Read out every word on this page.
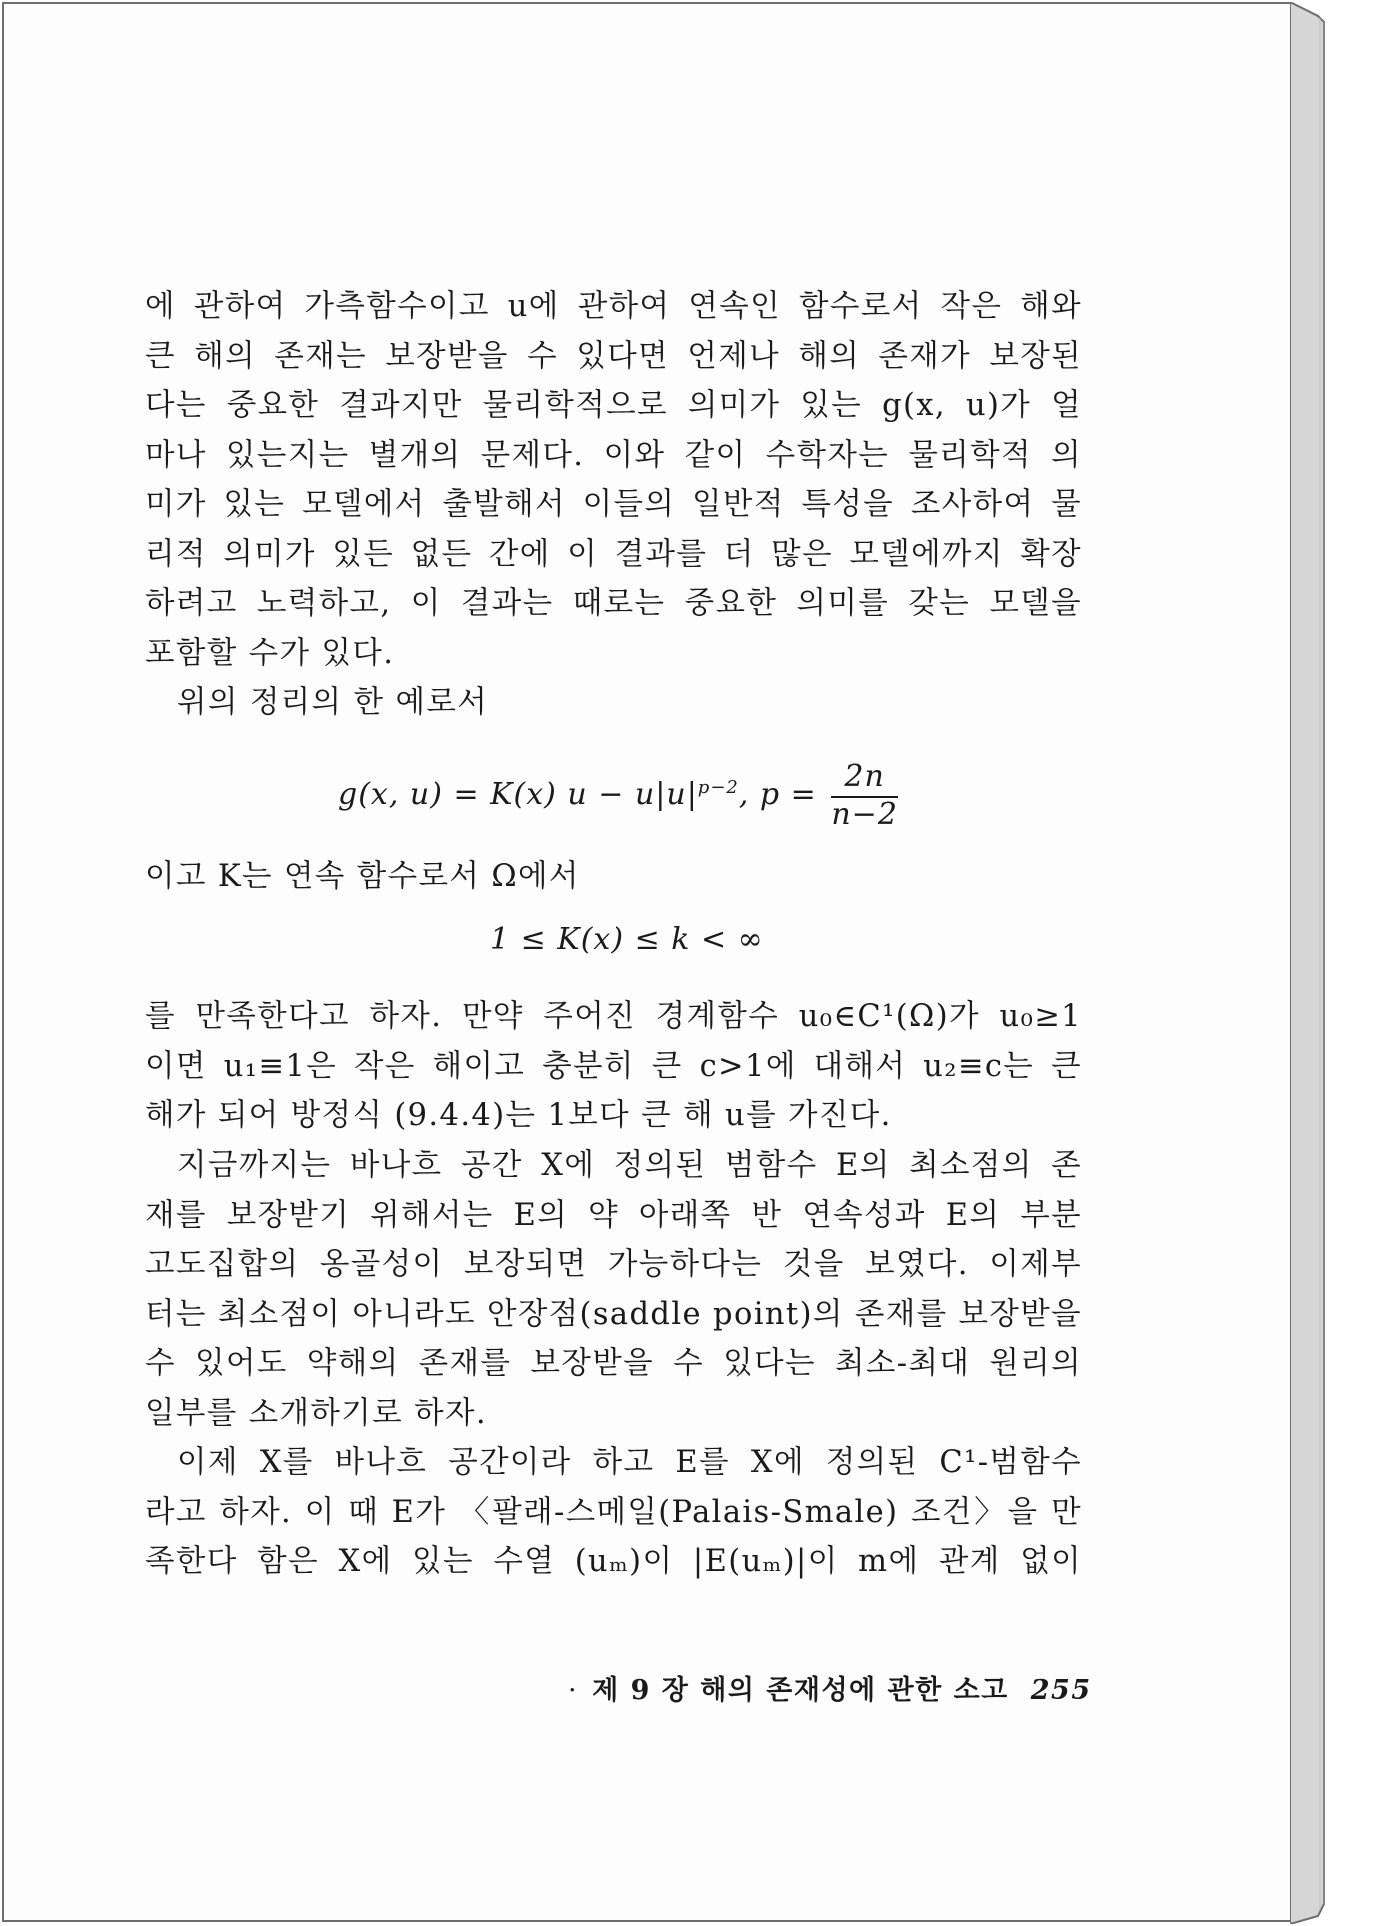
에 관하여 가측함수이고 u에 관하여 연속인 함수로서 작은 해와
큰 해의 존재는 보장받을 수 있다면 언제나 해의 존재가 보장된
다는 중요한 결과지만 물리학적으로 의미가 있는 g(x, u)가 얼
마나 있는지는 별개의 문제다. 이와 같이 수학자는 물리학적 의
미가 있는 모델에서 출발해서 이들의 일반적 특성을 조사하여 물
리적 의미가 있든 없든 간에 이 결과를 더 많은 모델에까지 확장
하려고 노력하고, 이 결과는 때로는 중요한 의미를 갖는 모델을
포함할 수가 있다.
위의 정리의 한 예로서
g(x, u) = K(x) $u - u|u|^{p-2}$, $p = \frac{2n}{n-2}$
이고 K는 연속 함수로서 Ω에서
1 ≤ K(x) ≤ k < ∞
를 만족한다고 하자. 만약 주어진 경계함수 u₀∈C¹(Ω)가 u₀≥1
이면 u₁≡1은 작은 해이고 충분히 큰 c>1에 대해서 u₂≡c는 큰
해가 되어 방정식 (9.4.4)는 1보다 큰 해 u를 가진다.
지금까지는 바나흐 공간 X에 정의된 범함수 E의 최소점의 존
재를 보장받기 위해서는 E의 약 아래쪽 반 연속성과 E의 부분
고도집합의 옹골성이 보장되면 가능하다는 것을 보였다. 이제부
터는 최소점이 아니라도 안장점(saddle point)의 존재를 보장받을
수 있어도 약해의 존재를 보장받을 수 있다는 최소-최대 원리의
일부를 소개하기로 하자.
이제 X를 바나흐 공간이라 하고 E를 X에 정의된 C¹-범함수
라고 하자. 이 때 E가 〈팔래-스메일(Palais-Smale) 조건〉을 만
족한다 함은 X에 있는 수열 (uₘ)이 |E(uₘ)|이 m에 관계 없이
· 제 9 장 해의 존재성에 관한 소고 255
